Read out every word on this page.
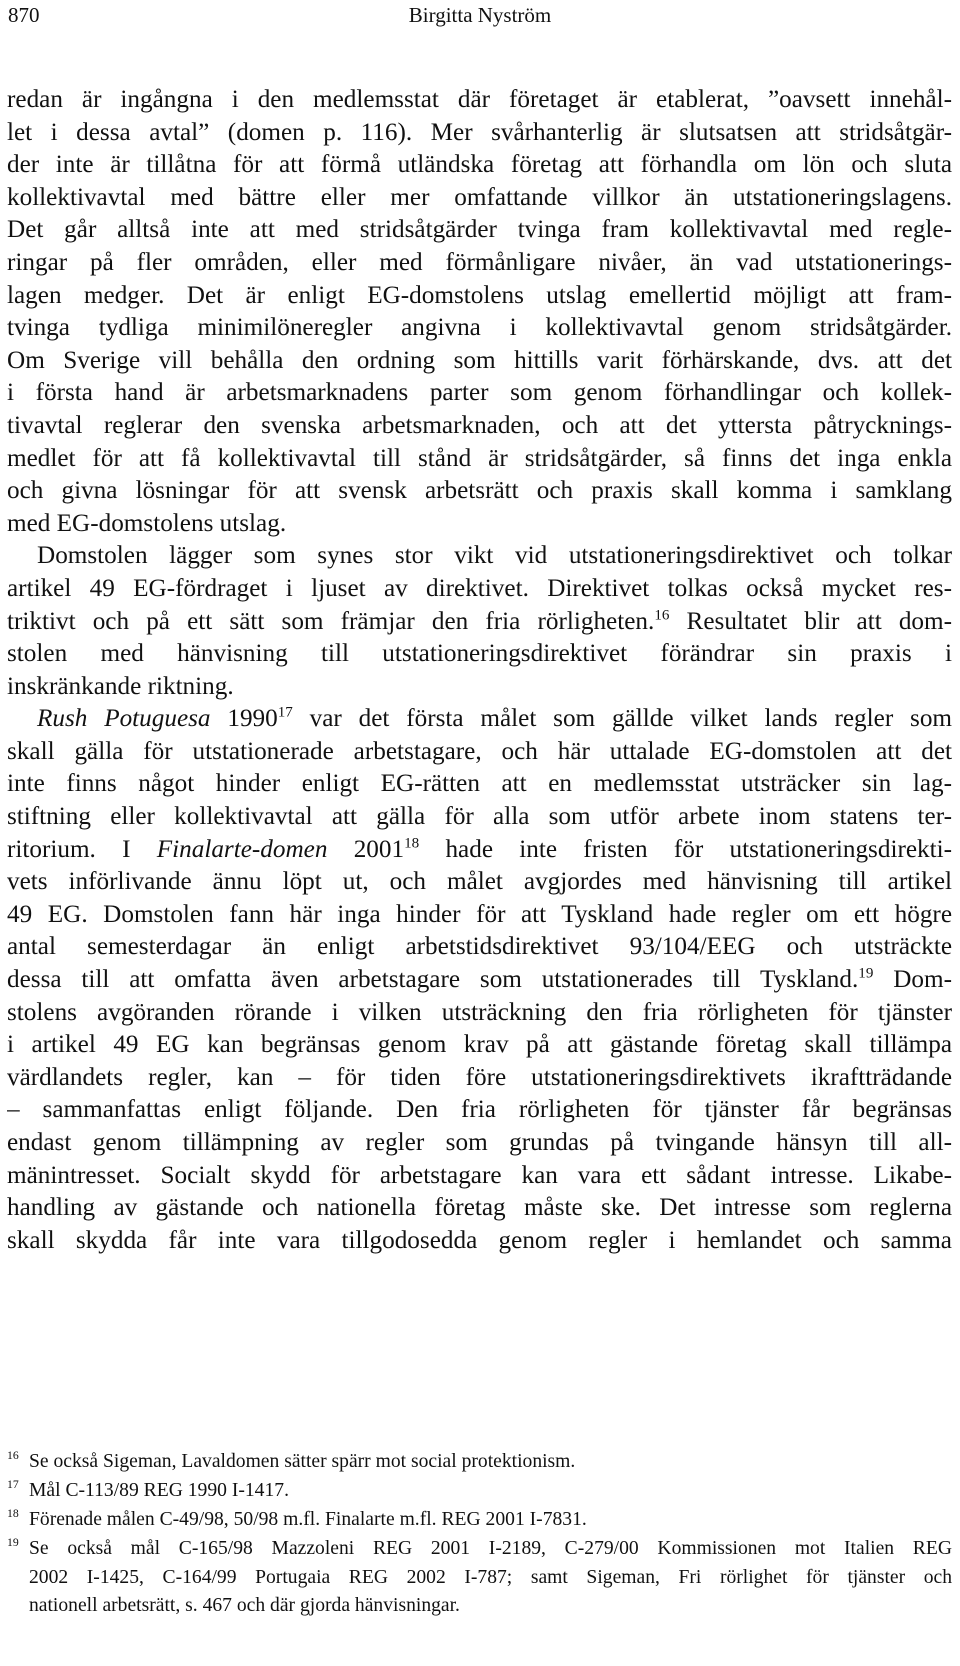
870	Birgitta Nyström
redan är ingångna i den medlemsstat där företaget är etablerat, ”oavsett innehål-
let i dessa avtal” (domen p. 116). Mer svårhanterlig är slutsatsen att stridsåtgär-
der inte är tillåtna för att förmå utländska företag att förhandla om lön och sluta
kollektivavtal med bättre eller mer omfattande villkor än utstationeringslagens.
Det går alltså inte att med stridsåtgärder tvinga fram kollektivavtal med regle-
ringar på fler områden, eller med förmånligare nivåer, än vad utstationerings-
lagen medger. Det är enligt EG-domstolens utslag emellertid möjligt att fram-
tvinga tydliga minimilöneregler angivna i kollektivavtal genom stridsåtgärder.
Om Sverige vill behålla den ordning som hittills varit förhärskande, dvs. att det
i första hand är arbetsmarknadens parter som genom förhandlingar och kollek-
tivavtal reglerar den svenska arbetsmarknaden, och att det yttersta påtrycknings-
medlet för att få kollektivavtal till stånd är stridsåtgärder, så finns det inga enkla
och givna lösningar för att svensk arbetsrätt och praxis skall komma i samklang
med EG-domstolens utslag.
Domstolen lägger som synes stor vikt vid utstationeringsdirektivet och tolkar
artikel 49 EG-fördraget i ljuset av direktivet. Direktivet tolkas också mycket res-
triktivt och på ett sätt som främjar den fria rörligheten.$^{16}$ Resultatet blir att dom-
stolen med hänvisning till utstationeringsdirektivet förändrar sin praxis i
inskränkande riktning.
Rush Potuguesa 1990$^{17}$ var det första målet som gällde vilket lands regler som
skall gälla för utstationerade arbetstagare, och här uttalade EG-domstolen att det
inte finns något hinder enligt EG-rätten att en medlemsstat utsträcker sin lag-
stiftning eller kollektivavtal att gälla för alla som utför arbete inom statens ter-
ritorium. I Finalarte-domen 2001$^{18}$ hade inte fristen för utstationeringsdirekti-
vets införlivande ännu löpt ut, och målet avgjordes med hänvisning till artikel
49 EG. Domstolen fann här inga hinder för att Tyskland hade regler om ett högre
antal semesterdagar än enligt arbetstidsdirektivet 93/104/EEG och utsträckte
dessa till att omfatta även arbetstagare som utstationerades till Tyskland.$^{19}$ Dom-
stolens avgöranden rörande i vilken utsträckning den fria rörligheten för tjänster
i artikel 49 EG kan begränsas genom krav på att gästande företag skall tillämpa
värdlandets regler, kan – för tiden före utstationeringsdirektivets ikraftträdande
– sammanfattas enligt följande. Den fria rörligheten för tjänster får begränsas
endast genom tillämpning av regler som grundas på tvingande hänsyn till all-
mänintresset. Socialt skydd för arbetstagare kan vara ett sådant intresse. Likabe-
handling av gästande och nationella företag måste ske. Det intresse som reglerna
skall skydda får inte vara tillgodosedda genom regler i hemlandet och samma
16 Se också Sigeman, Lavaldomen sätter spärr mot social protektionism.
17 Mål C-113/89 REG 1990 I-1417.
18 Förenade målen C-49/98, 50/98 m.fl. Finalarte m.fl. REG 2001 I-7831.
19 Se också mål C-165/98 Mazzoleni REG 2001 I-2189, C-279/00 Kommissionen mot Italien REG
2002 I-1425, C-164/99 Portugaia REG 2002 I-787; samt Sigeman, Fri rörlighet för tjänster och
nationell arbetsrätt, s. 467 och där gjorda hänvisningar.
